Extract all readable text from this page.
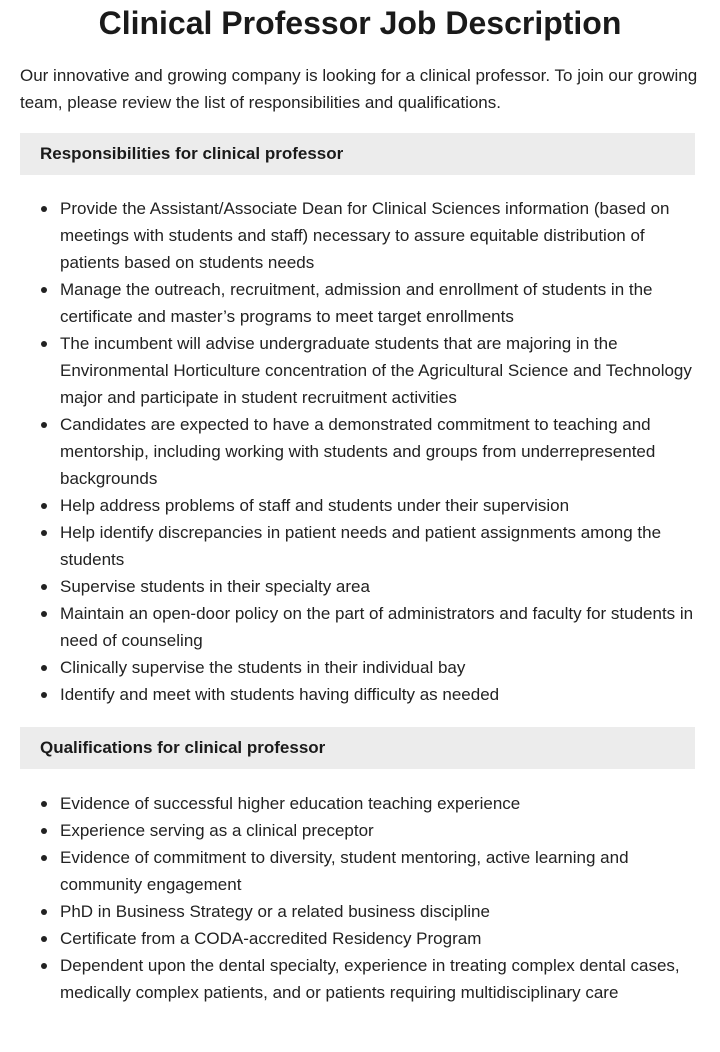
Clinical Professor Job Description

Our innovative and growing company is looking for a clinical professor. To join our growing team, please review the list of responsibilities and qualifications.

Responsibilities for clinical professor
Provide the Assistant/Associate Dean for Clinical Sciences information (based on meetings with students and staff) necessary to assure equitable distribution of patients based on students needs
Manage the outreach, recruitment, admission and enrollment of students in the certificate and master’s programs to meet target enrollments
The incumbent will advise undergraduate students that are majoring in the Environmental Horticulture concentration of the Agricultural Science and Technology major and participate in student recruitment activities
Candidates are expected to have a demonstrated commitment to teaching and mentorship, including working with students and groups from underrepresented backgrounds
Help address problems of staff and students under their supervision
Help identify discrepancies in patient needs and patient assignments among the students
Supervise students in their specialty area
Maintain an open-door policy on the part of administrators and faculty for students in need of counseling
Clinically supervise the students in their individual bay
Identify and meet with students having difficulty as needed
Qualifications for clinical professor
Evidence of successful higher education teaching experience
Experience serving as a clinical preceptor
Evidence of commitment to diversity, student mentoring, active learning and community engagement
PhD in Business Strategy or a related business discipline
Certificate from a CODA-accredited Residency Program
Dependent upon the dental specialty, experience in treating complex dental cases, medically complex patients, and or patients requiring multidisciplinary care
